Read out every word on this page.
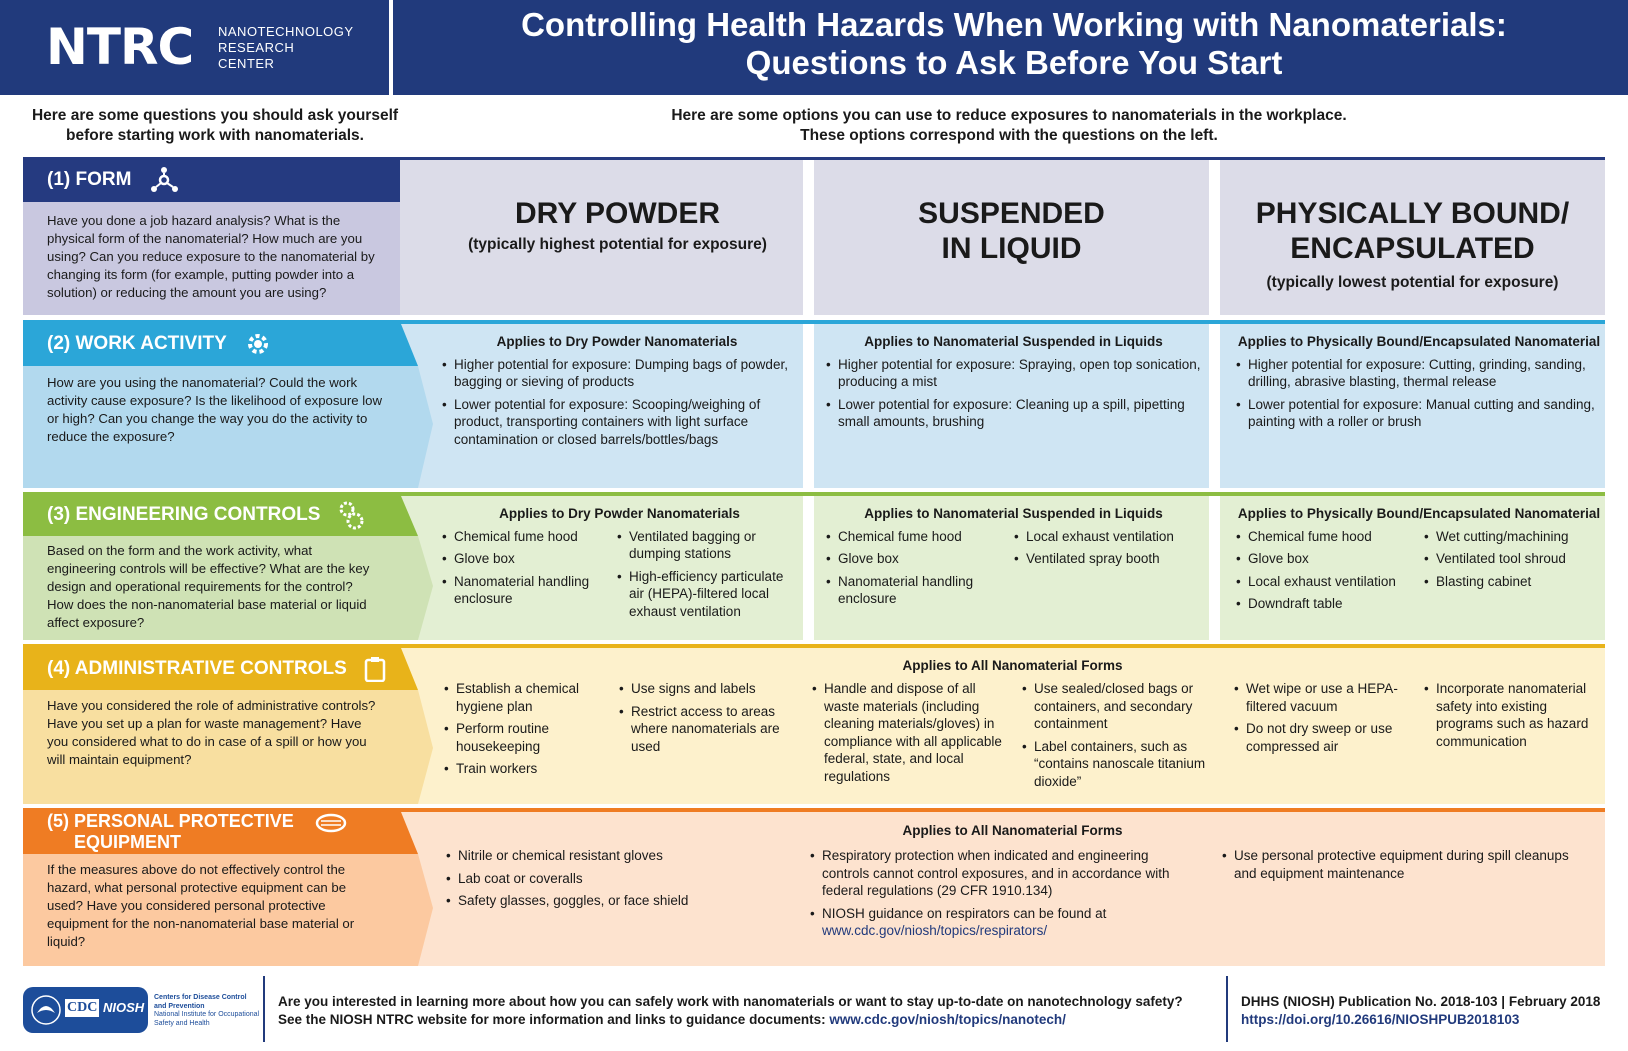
NTRC NANOTECHNOLOGY
RESEARCH
CENTER
Controlling Health Hazards When Working with Nanomaterials:
Questions to Ask Before You Start
Here are some questions you should ask yourself
before starting work with nanomaterials.
Here are some options you can use to reduce exposures to nanomaterials in the workplace.
These options correspond with the questions on the left.
(1) FORM
Have you done a job hazard analysis? What is the physical form of the nanomaterial? How much are you using? Can you reduce exposure to the nanomaterial by changing its form (for example, putting powder into a solution) or reducing the amount you are using?
DRY POWDER
(typically highest potential for exposure)
SUSPENDED
IN LIQUID
PHYSICALLY BOUND/
ENCAPSULATED
(typically lowest potential for exposure)
(2) WORK ACTIVITY
How are you using the nanomaterial? Could the work activity cause exposure? Is the likelihood of exposure low or high? Can you change the way you do the activity to reduce the exposure?
Applies to Dry Powder Nanomaterials
• Higher potential for exposure: Dumping bags of powder, bagging or sieving of products
• Lower potential for exposure: Scooping/weighing of product, transporting containers with light surface contamination or closed barrels/bottles/bags
Applies to Nanomaterial Suspended in Liquids
• Higher potential for exposure: Spraying, open top sonication, producing a mist
• Lower potential for exposure: Cleaning up a spill, pipetting small amounts, brushing
Applies to Physically Bound/Encapsulated Nanomaterial
• Higher potential for exposure: Cutting, grinding, sanding, drilling, abrasive blasting, thermal release
• Lower potential for exposure: Manual cutting and sanding, painting with a roller or brush
(3) ENGINEERING CONTROLS
Based on the form and the work activity, what engineering controls will be effective? What are the key design and operational requirements for the control? How does the non-nanomaterial base material or liquid affect exposure?
Applies to Dry Powder Nanomaterials
• Chemical fume hood
• Glove box
• Nanomaterial handling enclosure
• Ventilated bagging or dumping stations
• High-efficiency particulate air (HEPA)-filtered local exhaust ventilation
Applies to Nanomaterial Suspended in Liquids
• Chemical fume hood
• Glove box
• Nanomaterial handling enclosure
• Local exhaust ventilation
• Ventilated spray booth
Applies to Physically Bound/Encapsulated Nanomaterial
• Chemical fume hood
• Glove box
• Local exhaust ventilation
• Downdraft table
• Wet cutting/machining
• Ventilated tool shroud
• Blasting cabinet
(4) ADMINISTRATIVE CONTROLS
Have you considered the role of administrative controls? Have you set up a plan for waste management? Have you considered what to do in case of a spill or how you will maintain equipment?
Applies to All Nanomaterial Forms
• Establish a chemical hygiene plan
• Perform routine housekeeping
• Train workers
• Use signs and labels
• Restrict access to areas where nanomaterials are used
• Handle and dispose of all waste materials (including cleaning materials/gloves) in compliance with all applicable federal, state, and local regulations
• Use sealed/closed bags or containers, and secondary containment
• Label containers, such as “contains nanoscale titanium dioxide”
• Wet wipe or use a HEPA-filtered vacuum
• Do not dry sweep or use compressed air
• Incorporate nanomaterial safety into existing programs such as hazard communication
(5) PERSONAL PROTECTIVE
EQUIPMENT
If the measures above do not effectively control the hazard, what personal protective equipment can be used? Have you considered personal protective equipment for the non-nanomaterial base material or liquid?
Applies to All Nanomaterial Forms
• Nitrile or chemical resistant gloves
• Lab coat or coveralls
• Safety glasses, goggles, or face shield
• Respiratory protection when indicated and engineering controls cannot control exposures, and in accordance with federal regulations (29 CFR 1910.134)
• NIOSH guidance on respirators can be found at
www.cdc.gov/niosh/topics/respirators/
• Use personal protective equipment during spill cleanups and equipment maintenance
CDC NIOSH
Centers for Disease Control
and Prevention
National Institute for Occupational
Safety and Health
Are you interested in learning more about how you can safely work with nanomaterials or want to stay up-to-date on nanotechnology safety? See the NIOSH NTRC website for more information and links to guidance documents: www.cdc.gov/niosh/topics/nanotech/
DHHS (NIOSH) Publication No. 2018-103 | February 2018
https://doi.org/10.26616/NIOSHPUB2018103
